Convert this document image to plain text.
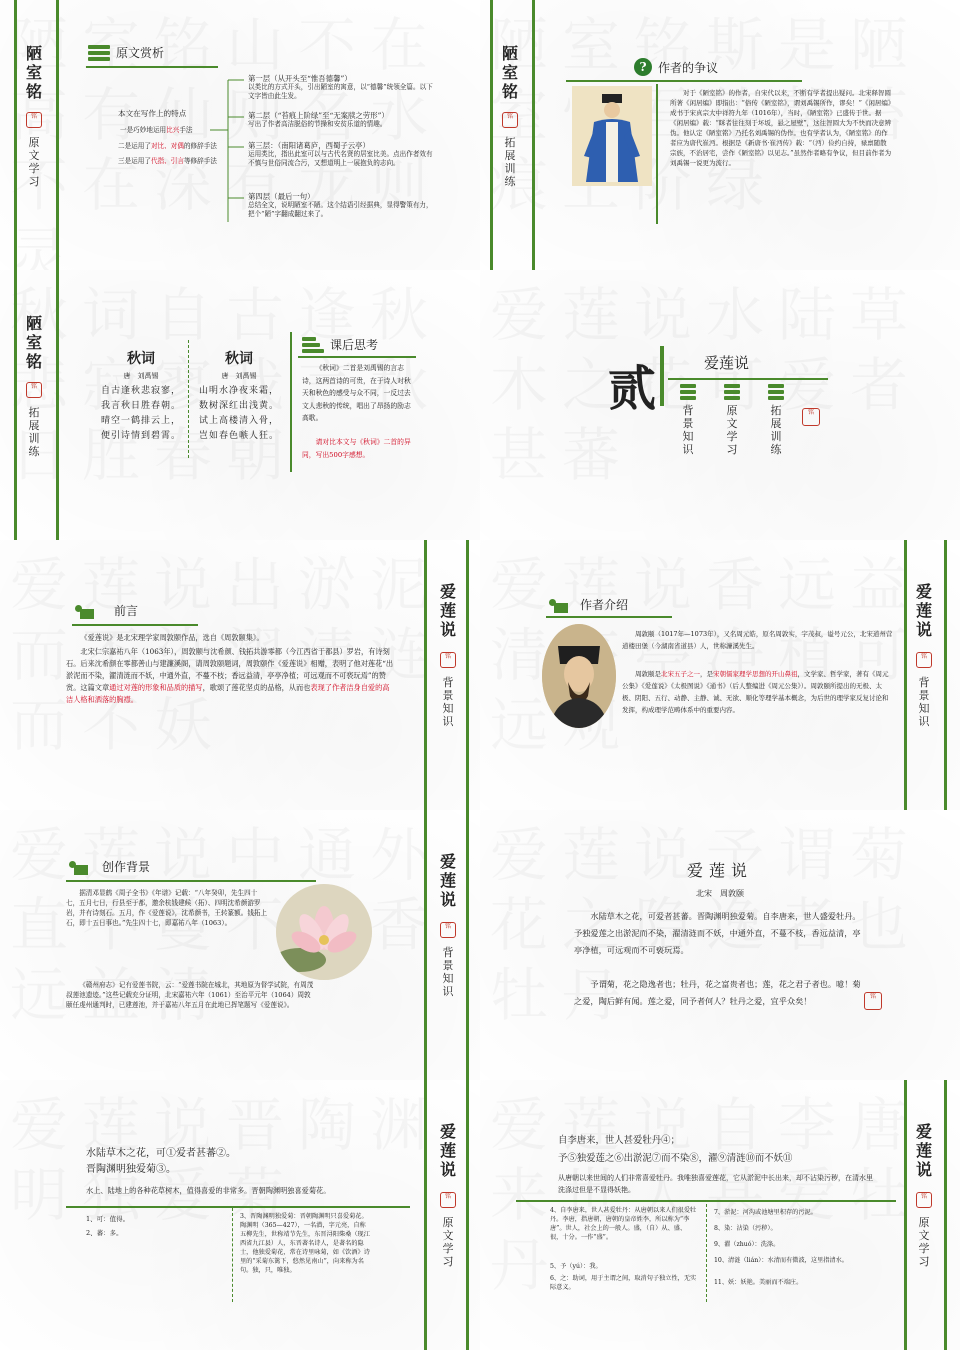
陋室铭
铭
原文学习
原文赏析
本文在写作上的特点
一是巧妙地运用比兴手法
二是运用了对比、对偶的修辞手法
三是运用了代指、引言等修辞手法
第一层（从开头至“惟吾德馨”）
以类比的方式开头，引出陋室的寓意，以“德馨”统领全篇。以下文字皆由此生发。
第二层（“苔痕上阶绿”至“无案牍之劳形”）
写出了作者高洁脱俗的节操和安贫乐道的情趣。
第三层：（南阳诸葛庐，西蜀子云亭）
运用类比，指出此室可以与古代名贤的居室比美。点出作者效有不慎与世俗同流合污，又想道明上一展抱负的志向。
第四层（最后一句）
总结全文，说明陋室不陋。这个结语引经据典，显得警策有力，把个“陋”字翻成翻过来了。
陋室铭
铭
拓展训练
? 作者的争议
对于《陋室铭》的作者，自宋代以来，不断有学者提出疑问。北宋释智圆所著《闲居编》即指出：“俗传《陋室铭》，谓刘禹锡所作，谬矣！”《闲居编》成书于宋真宗大中祥符九年（1016年），当时，《陋室铭》已盛传于世。据《闲居编》载：“眯者往往刻于坏坂，悬之屋壁”，这往智圆大为不快而决意辨伪。他认定《陋室铭》乃托名刘禹锡的伪作。也有学者认为，《陋室铭》的作者应为唐代崔沔。根据是《新唐书·崔沔传》载：“（沔）俭约自持，禄禀随散宗族，不治居宅，尝作《陋室铭》以见志。”虽然作者略有争议，但目前作者为刘禹锡一说更为流行。
陋室铭
铭
拓展训练
秋词
唐　刘禹锡
自古逢秋悲寂寥，
我言秋日胜春朝。
晴空一鹤排云上，
便引诗情到碧霄。
秋词
唐　刘禹锡
山明水净夜来霜，
数树深红出浅黄。
试上高楼清入骨，
岂如春色嗾人狂。
课后思考
《秋词》二首是刘禹锡的言志诗，这两首诗的可贵，在于诗人对秋天和秋色的感受与众不同，一反过去文人悲秋的传统，唱出了昂扬的励志高歌。
请对比本文与《秋词》二首的异同，写出500字感想。
贰	爱莲说
背景知识
原文学习
拓展训练
铭
爱莲说
铭
背景知识
前言
《爱莲说》是北宋理学家周敦颐作品，选自《周敦颐集》。
北宋仁宗嘉祐八年（1063年），周敦颐与沈希颜、钱拓共游零都（今江西省于都县）罗岩，有诗刻石。后来沈希颜在零都善山与建濂溪阁，请周敦颐题词，周敦颐作《爱莲说》相赠，表明了他对莲花“出淤泥而不染，濯清涟而不妖，中通外直，不蔓不枝；香远益清，亭亭净植；可远观而不可亵玩焉”的赞赏。这篇文章通过对莲的形象和品质的描写，歌颂了莲花坚贞的品格，从而也表现了作者洁身自爱的高洁人格和洒落的胸襟。
爱莲说
铭
背景知识
作者介绍
周敦颐（1017年—1073年），又名周元皓，原名周敦实，字茂叔，谥号元公，北宋道州营道楼田堡（今湖南省道县）人，世称濂溪先生。
周敦颐是北宋五子之一，是宋朝儒家理学思想的开山鼻祖，文学家、哲学家，著有《周元公集》《爱莲说》《太极图说》《通书》（后人整编进《周元公集》）。周敦颐所提出的无极、太极、阴阳、五行、动静、主静、诚、无欲、顺化等理学基本概念，为后世的理学家反复讨论和发挥，构成理学范畴体系中的重要内容。
爱莲说
铭
背景知识
创作背景
据清邓显鹤《周子全书》《年谱》记载：“八年癸卯，先生四十七，五月七日，行县至于都，邀余杭钱建候（拓）、四明沈希颜游罗岩，并有诗刻石。五月，作《爱莲说》，沈希颜书，王转篆额。钱拓上石，即十五日事也。”先生四十七，即嘉祐八年（1063）。
《赣州府志》记有爱莲书院，云：“爱莲书院在城北，其地原为督学试院，有周茂叔莲池遗迹。”这些记载充分证明，北宋嘉祐六年（1061）至治平元年（1064）周敦颐任虔州通判时，已建莲池，并于嘉祐八年五月在此地已挥笔题写《爱莲说》。
爱莲说
北宋　周敦颐
水陆草木之花，可爱者甚蕃。晋陶渊明独爱菊。自李唐来，世人盛爱牡丹。予独爱莲之出淤泥而不染，濯清涟而不妖，中通外直，不蔓不枝，香远益清，亭亭净植，可远观而不可亵玩焉。
予谓菊，花之隐逸者也；牡丹，花之富贵者也；莲，花之君子者也。噫！菊之爱，陶后鲜有闻。莲之爱，同予者何人？牡丹之爱，宜乎众矣！	铭
爱莲说
铭
原文学习
水陆草木之花，可①爱者甚蕃②。
晋陶渊明独爱菊③。
水上、陆地上的各种花草树木，值得喜爱的非常多。晋朝陶渊明独喜爱菊花。
1、可：值得。
2、蕃：多。
3、晋陶渊明独爱菊：晋朝陶渊明只喜爱菊花。陶渊明（365—427），一名潜，字元亮，自称五柳先生，世称靖节先生，东晋浔阳柴桑（现江西省九江县）人，东晋著名诗人，是著名的隐士，他独爱菊花，常在诗里咏菊，如《饮酒》诗里的“采菊东篱下，悠然见南山”，向来称为名句。独，只，唯独。
爱莲说
铭
原文学习
自李唐来，世人甚爱牡丹④；
予⑤独爱莲之⑥出淤泥⑦而不染⑧，濯⑨清涟⑩而不妖⑪
从唐朝以来世间的人们非常喜爱牡丹。我唯独喜爱莲花，它从淤泥中长出来，却不沾染污秽，在清水里洗涤过但是不显得妖艳。
4、自李唐来，世人甚爱牡丹：从唐朝以来人们很爱牡丹。李唐，指唐朝，唐朝的皇帝姓李，所以称为“李唐”。世人，社会上的一般人。盛，（自）从、盛、很，十分。一作“盛”。
5、予（yú）：我。
6、之：助词，用于主谓之间，取消句子独立性，无实际意义。
7、淤泥：河沟或池塘里积存的污泥。
8、染：沾染（污秽）。
9、濯（zhuó）：洗涤。
10、清涟（lián）：水清而有微波，这里指清水。
11、妖：妖艳。美丽而不端庄。
